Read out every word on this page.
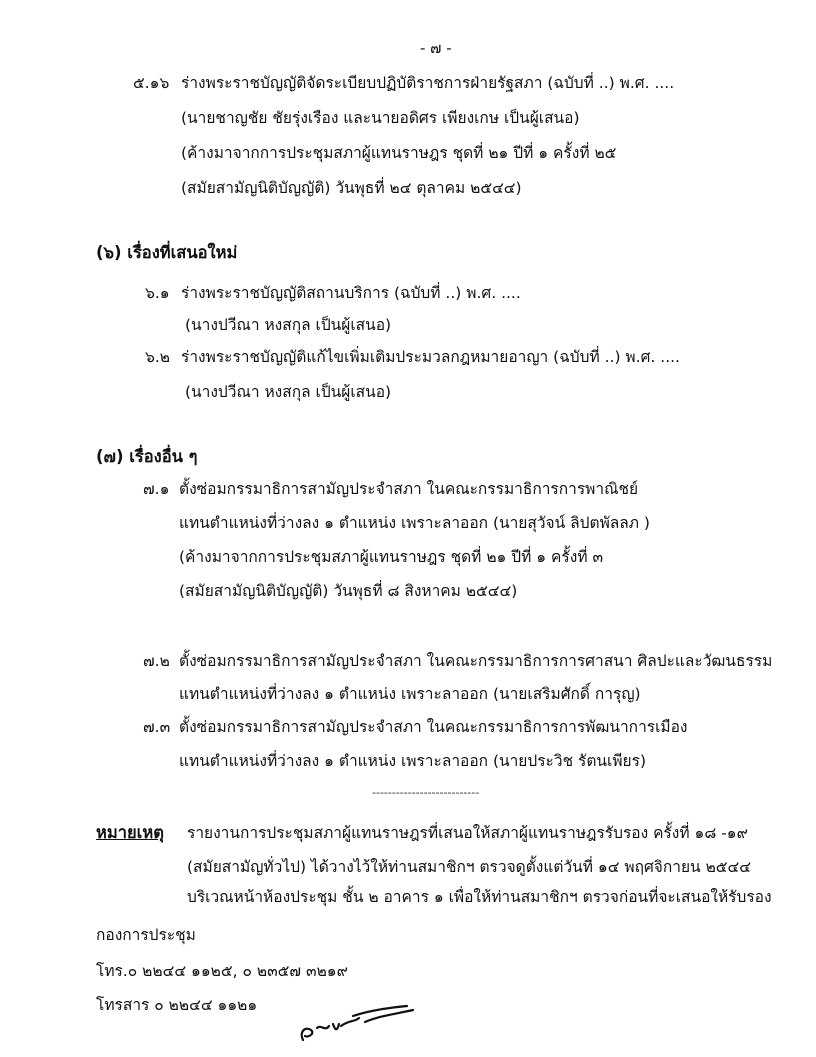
- ๗ -
๕.๑๖ ร่างพระราชบัญญัติจัดระเบียบปฏิบัติราชการฝ่ายรัฐสภา (ฉบับที่ ..) พ.ศ. ....
(นายชาญชัย ชัยรุ่งเรือง และนายอดิศร เพียงเกษ เป็นผู้เสนอ)
(ค้างมาจากการประชุมสภาผู้แทนราษฎร ชุดที่ ๒๑ ปีที่ ๑ ครั้งที่ ๒๕
(สมัยสามัญนิติบัญญัติ) วันพุธที่ ๒๔ ตุลาคม ๒๕๔๔)
(๖) เรื่องที่เสนอใหม่
๖.๑ ร่างพระราชบัญญัติสถานบริการ (ฉบับที่ ..) พ.ศ. ....
(นางปวีณา หงสกุล เป็นผู้เสนอ)
๖.๒ ร่างพระราชบัญญัติแก้ไขเพิ่มเติมประมวลกฎหมายอาญา (ฉบับที่ ..) พ.ศ. ....
(นางปวีณา หงสกุล เป็นผู้เสนอ)
(๗) เรื่องอื่น ๆ
๗.๑ ตั้งซ่อมกรรมาธิการสามัญประจำสภา ในคณะกรรมาธิการการพาณิชย์
แทนตำแหน่งที่ว่างลง ๑ ตำแหน่ง เพราะลาออก (นายสุวัจน์ ลิปตพัลลภ )
(ค้างมาจากการประชุมสภาผู้แทนราษฎร ชุดที่ ๒๑ ปีที่ ๑ ครั้งที่ ๓
(สมัยสามัญนิติบัญญัติ) วันพุธที่ ๘ สิงหาคม ๒๕๔๔)
๗.๒ ตั้งซ่อมกรรมาธิการสามัญประจำสภา ในคณะกรรมาธิการการศาสนา ศิลปะและวัฒนธรรม
แทนตำแหน่งที่ว่างลง ๑ ตำแหน่ง เพราะลาออก (นายเสริมศักดิ์ การุญ)
๗.๓ ตั้งซ่อมกรรมาธิการสามัญประจำสภา ในคณะกรรมาธิการการพัฒนาการเมือง
แทนตำแหน่งที่ว่างลง ๑ ตำแหน่ง เพราะลาออก (นายประวิช รัตนเพียร)
---------------------------
หมายเหตุ รายงานการประชุมสภาผู้แทนราษฎรที่เสนอให้สภาผู้แทนราษฎรรับรอง ครั้งที่ ๑๘ -๑๙
(สมัยสามัญทั่วไป) ได้วางไว้ให้ท่านสมาชิกฯ ตรวจดูตั้งแต่วันที่ ๑๔ พฤศจิกายน ๒๕๔๔
บริเวณหน้าห้องประชุม ชั้น ๒ อาคาร ๑ เพื่อให้ท่านสมาชิกฯ ตรวจก่อนที่จะเสนอให้รับรอง
กองการประชุม
โทร.๐ ๒๒๔๔ ๑๑๒๕, ๐ ๒๓๕๗ ๓๒๑๙
โทรสาร ๐ ๒๒๔๔ ๑๑๒๑
